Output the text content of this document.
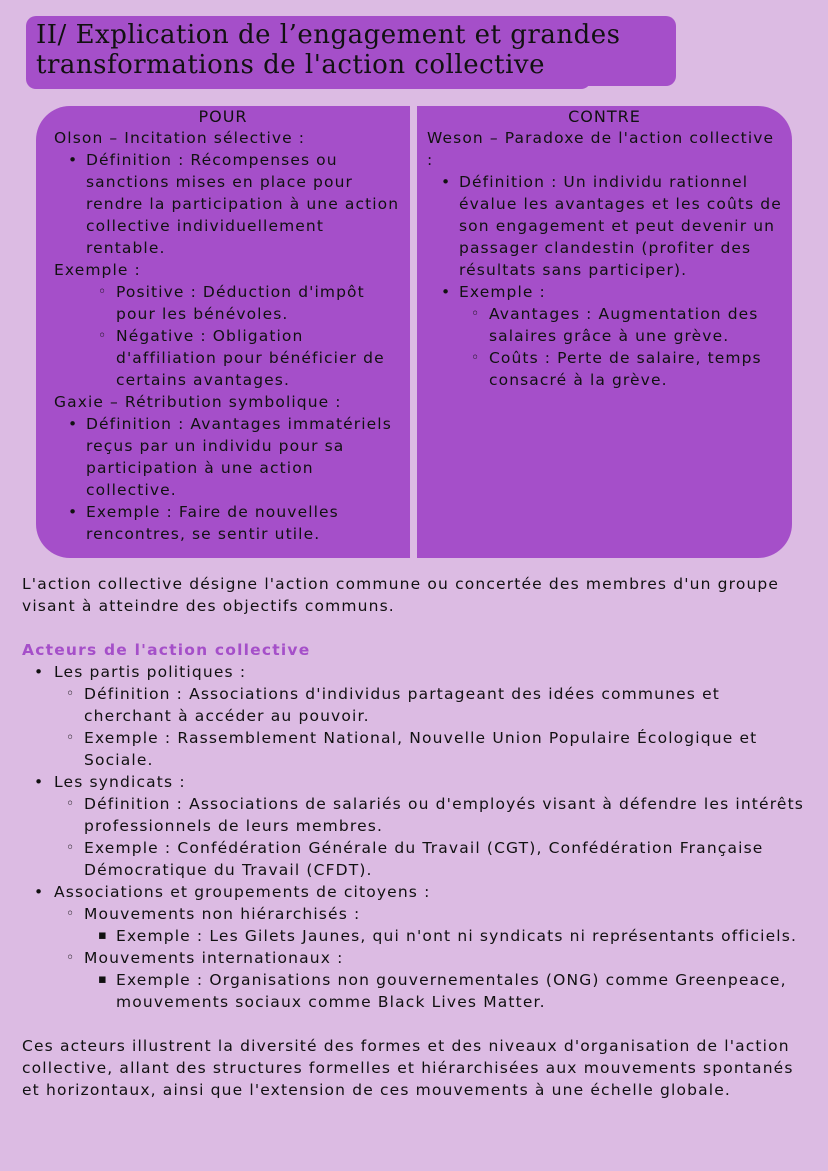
II/ Explication de l’engagement et grandes
transformations de l'action collective
POUR
Olson – Incitation sélective :
• Définition : Récompenses ou sanctions mises en place pour rendre la participation à une action collective individuellement rentable.
Exemple :
◦ Positive : Déduction d'impôt pour les bénévoles.
◦ Négative : Obligation d'affiliation pour bénéficier de certains avantages.
Gaxie – Rétribution symbolique :
• Définition : Avantages immatériels reçus par un individu pour sa participation à une action collective.
• Exemple : Faire de nouvelles rencontres, se sentir utile.
CONTRE
Weson – Paradoxe de l'action collective :
• Définition : Un individu rationnel évalue les avantages et les coûts de son engagement et peut devenir un passager clandestin (profiter des résultats sans participer).
• Exemple :
◦ Avantages : Augmentation des salaires grâce à une grève.
◦ Coûts : Perte de salaire, temps consacré à la grève.

L'action collective désigne l'action commune ou concertée des membres d'un groupe visant à atteindre des objectifs communs.

Acteurs de l'action collective

• Les partis politiques :
◦ Définition : Associations d'individus partageant des idées communes et cherchant à accéder au pouvoir.
◦ Exemple : Rassemblement National, Nouvelle Union Populaire Écologique et Sociale.
• Les syndicats :
◦ Définition : Associations de salariés ou d'employés visant à défendre les intérêts professionnels de leurs membres.
◦ Exemple : Confédération Générale du Travail (CGT), Confédération Française Démocratique du Travail (CFDT).
• Associations et groupements de citoyens :
◦ Mouvements non hiérarchisés :
▪ Exemple : Les Gilets Jaunes, qui n'ont ni syndicats ni représentants officiels.
◦ Mouvements internationaux :
▪ Exemple : Organisations non gouvernementales (ONG) comme Greenpeace, mouvements sociaux comme Black Lives Matter.

Ces acteurs illustrent la diversité des formes et des niveaux d'organisation de l'action collective, allant des structures formelles et hiérarchisées aux mouvements spontanés et horizontaux, ainsi que l'extension de ces mouvements à une échelle globale.
